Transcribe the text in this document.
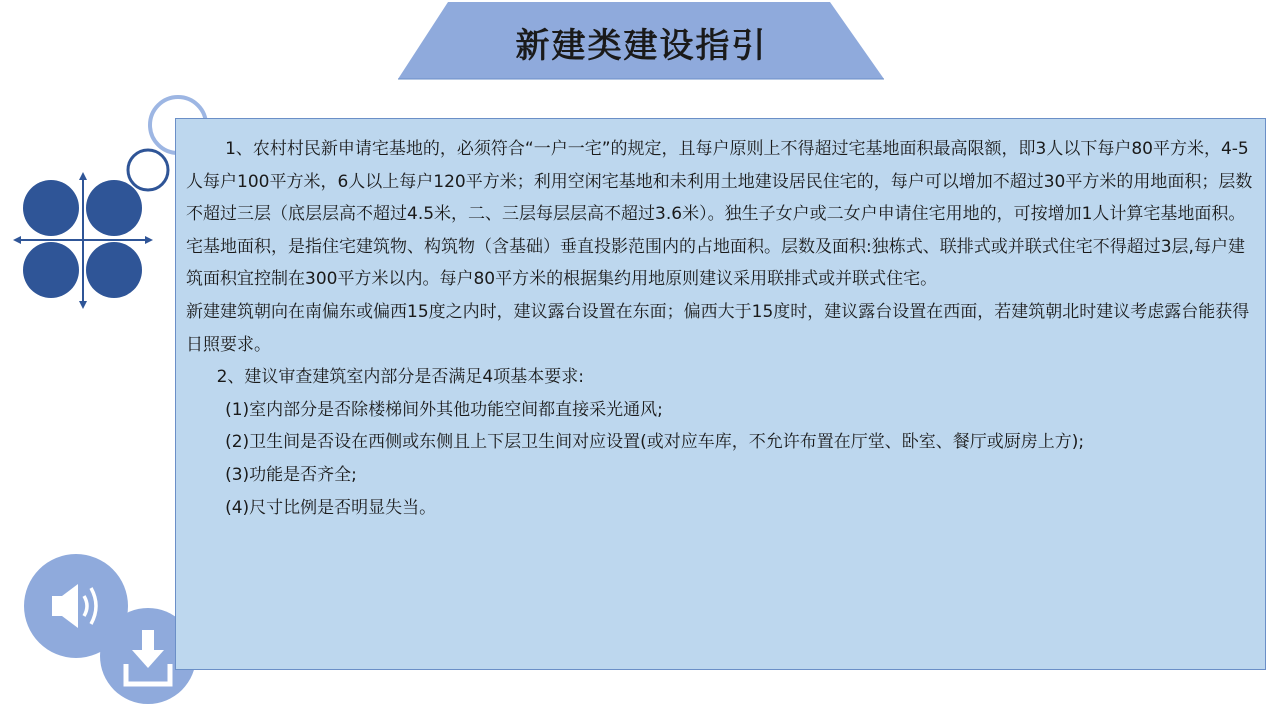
新建类建设指引

1、农村村民新申请宅基地的，必须符合“一户一宅”的规定，且每户原则上不得超过宅基地面积最高限额，即3人以下每户80平方米，4-5人每户100平方米，6人以上每户120平方米；利用空闲宅基地和未利用土地建设居民住宅的，每户可以增加不超过30平方米的用地面积；层数不超过三层（底层层高不超过4.5米，二、三层每层层高不超过3.6米）。独生子女户或二女户申请住宅用地的，可按增加1人计算宅基地面积。宅基地面积，是指住宅建筑物、构筑物（含基础）垂直投影范围内的占地面积。层数及面积:独栋式、联排式或并联式住宅不得超过3层,每户建筑面积宜控制在300平方米以内。每户80平方米的根据集约用地原则建议采用联排式或并联式住宅。

新建建筑朝向在南偏东或偏西15度之内时，建议露台设置在东面；偏西大于15度时，建议露台设置在西面，若建筑朝北时建议考虑露台能获得日照要求。

2、建议审查建筑室内部分是否满足4项基本要求:

(1)室内部分是否除楼梯间外其他功能空间都直接采光通风;

(2)卫生间是否设在西侧或东侧且上下层卫生间对应设置(或对应车库，不允许布置在厅堂、卧室、餐厅或厨房上方);

(3)功能是否齐全;

(4)尺寸比例是否明显失当。
